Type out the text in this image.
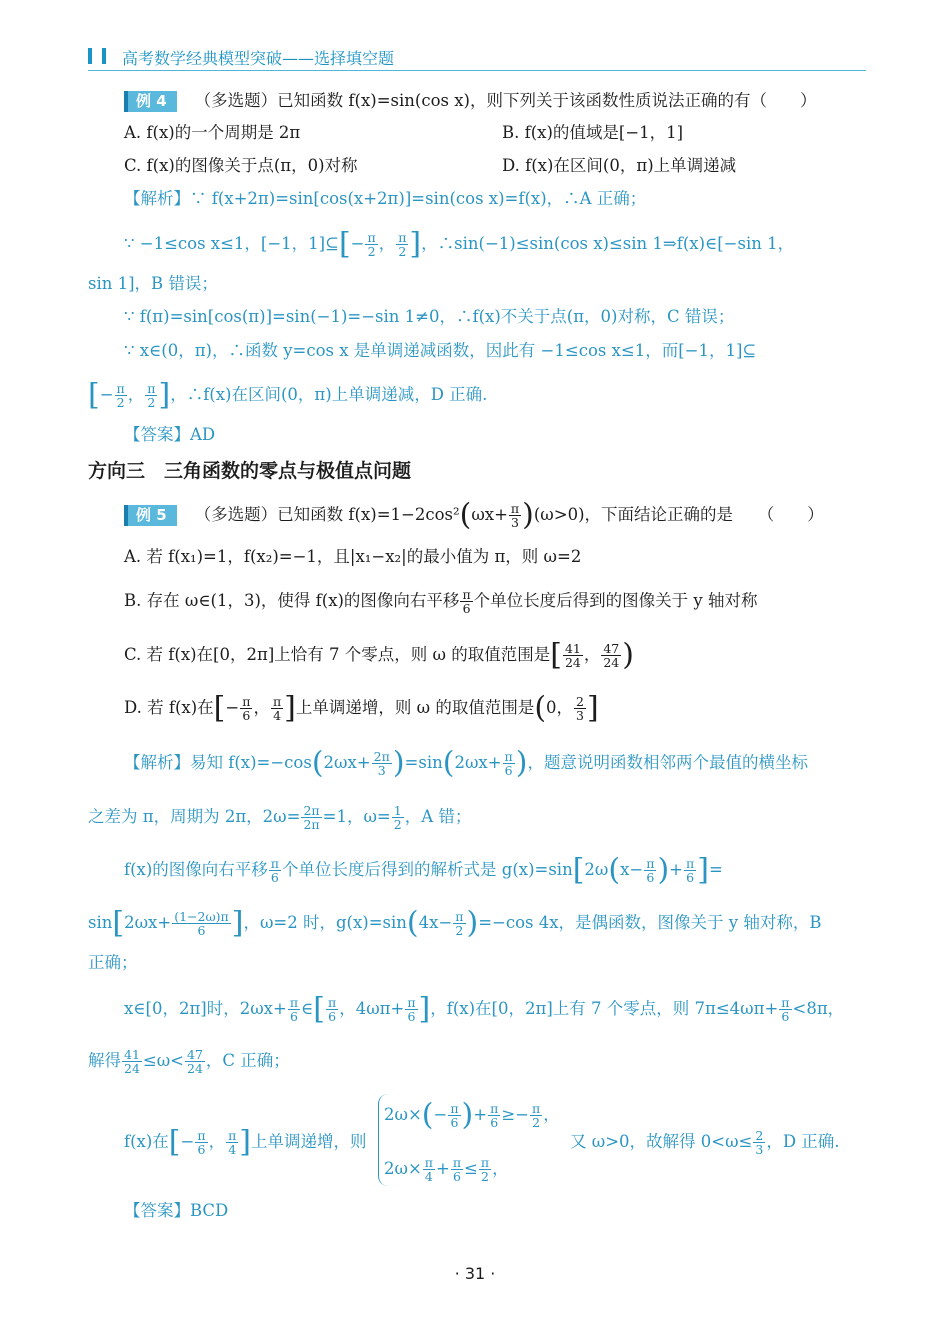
高考数学经典模型突破——选择填空题
例 4 （多选题）已知函数 f(x)=sin(cos x)，则下列关于该函数性质说法正确的有（　　）
A. f(x)的一个周期是 2π	B. f(x)的值域是[−1，1]
C. f(x)的图像关于点(π，0)对称	D. f(x)在区间(0，π)上单调递减
【解析】∵ f(x+2π)=sin[cos(x+2π)]=sin(cos x)=f(x)，∴A 正确；
∵ −1≤cos x≤1，[−1，1]⊆[− $\frac{\pi}{2}$ ， $\frac{\pi}{2}$ ]，∴sin(−1)≤sin(cos x)≤sin 1⇒f(x)∈[−sin 1，
sin 1]，B 错误；
∵ f(π)=sin[cos(π)]=sin(−1)=−sin 1≠0，∴f(x)不关于点(π，0)对称，C 错误；
∵ x∈(0，π)，∴函数 y=cos x 是单调递减函数，因此有 −1≤cos x≤1，而[−1，1]⊆
[− $\frac{\pi}{2}$ ， $\frac{\pi}{2}$ ]，∴f(x)在区间(0，π)上单调递减，D 正确.
【答案】AD
方向三　三角函数的零点与极值点问题
例 5 （多选题）已知函数 $f(x)=1-2\cos^2(\omega x+ \frac{\pi}{3} )(\omega>0)$，下面结论正确的是　　（　　）
A. 若 f(x₁)=1，f(x₂)=−1，且|x₁−x₂|的最小值为 π，则 ω=2
B. 存在 ω∈(1，3)，使得 f(x)的图像向右平移 $\frac{\pi}{6}$ 个单位长度后得到的图像关于 y 轴对称
C. 若 f(x)在[0，2π]上恰有 7 个零点，则 ω 的取值范围是[ $\frac{41}{24}$ ， $\frac{47}{24}$ )
D. 若 f(x)在[− $\frac{\pi}{6}$ ， $\frac{\pi}{4}$ ]上单调递增，则 ω 的取值范围是(0， $\frac{2}{3}$ ]
【解析】易知 $f(x)=-\cos(2\omega x+ \frac{2\pi}{3} )=\sin(2\omega x+ \frac{\pi}{6}$ )，题意说明函数相邻两个最值的横坐标
之差为 π，周期为 2π，$2\omega= \frac{2\pi}{2\pi} =1$，$\omega= \frac{1}{2}$ ，A 错；
f(x)的图像向右平移 $\frac{\pi}{6}$ 个单位长度后得到的解析式是 $g(x)=\sin[2\omega(x- \frac{\pi}{6}$ )+ $\frac{\pi}{6}$ ]=
$\sin[2\omega x+ \frac{(1-2\omega)\pi}{6}$ ]，ω=2 时，$g(x)=\sin(4x- \frac{\pi}{2} )=-\cos$ 4x，是偶函数，图像关于 y 轴对称，B
正确；
x∈[0，2π]时，$2\omega x+ \frac{\pi}{6}$ ∈[ $\frac{\pi}{6}$ ，$4\omega\pi+ \frac{\pi}{6}$ ]，f(x)在[0，2π]上有 7 个零点，则 $7\pi\le 4\omega\pi+ \frac{\pi}{6} <8\pi$，
解得 $\frac{41}{24} \le\omega< \frac{47}{24}$ ，C 正确；
f(x)在[− $\frac{\pi}{6}$ ， $\frac{\pi}{4}$ ]上单调递增，则
$2\omega\times(- \frac{\pi}{6}$ )+ $\frac{\pi}{6} \ge- \frac{\pi}{2}$ ，
$2\omega\times \frac{\pi}{4} + \frac{\pi}{6} \le \frac{\pi}{2}$ ，
又 ω>0，故解得 $0<\omega\le \frac{2}{3}$ ，D 正确.
【答案】BCD
· 31 ·
